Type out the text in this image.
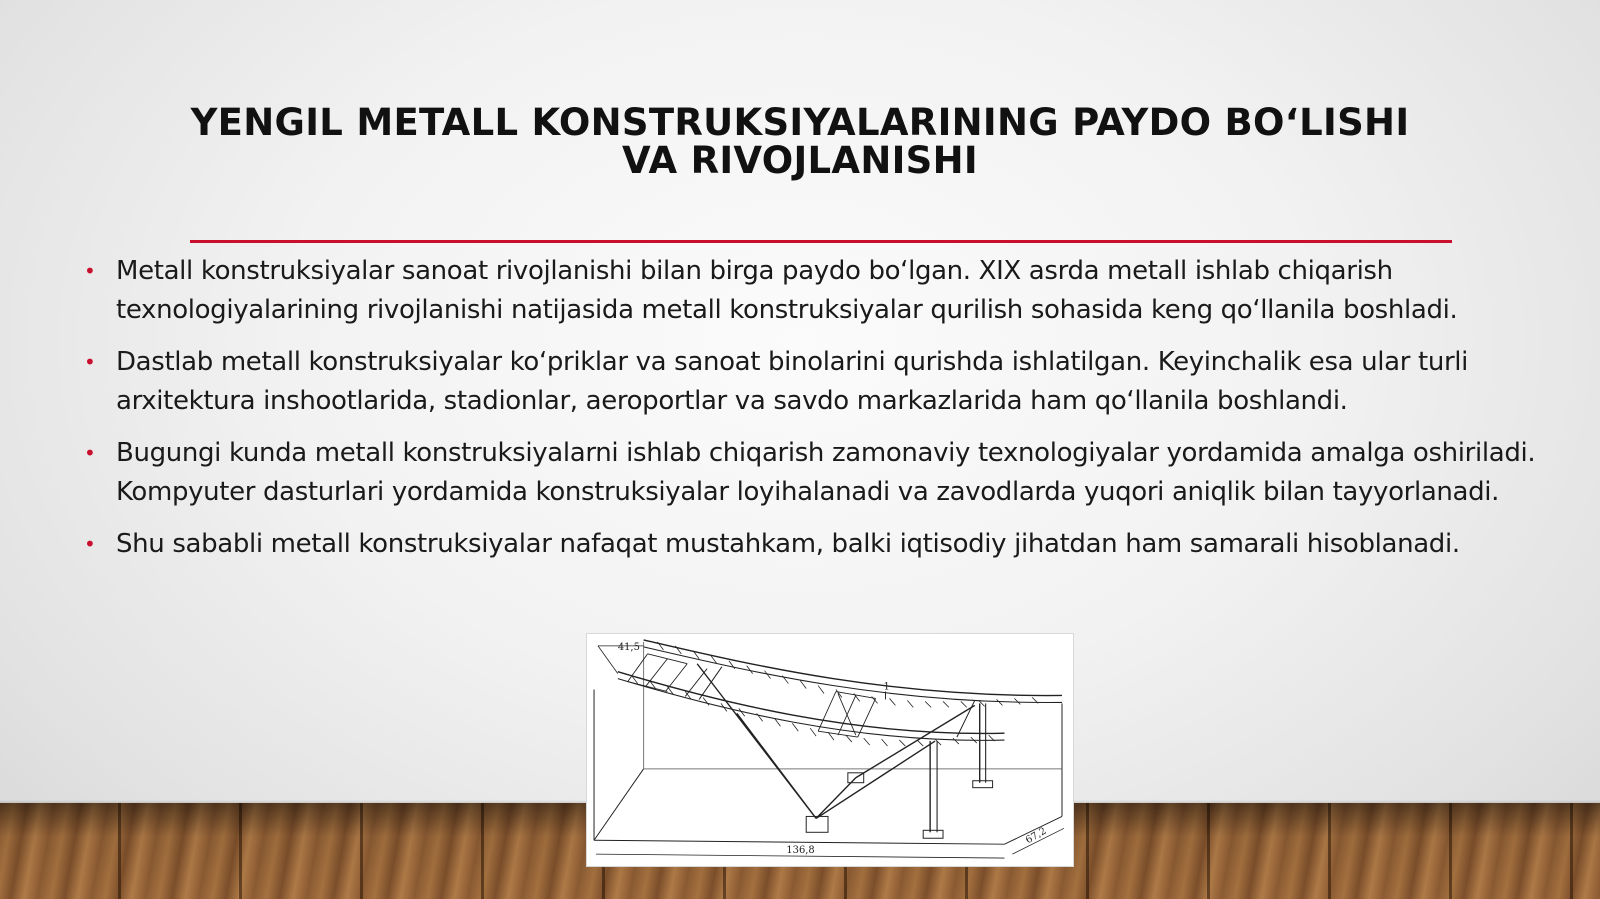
YENGIL METALL KONSTRUKSIYALARINING PAYDO BO‘LISHI VA RIVOJLANISHI
• Metall konstruksiyalar sanoat rivojlanishi bilan birga paydo bo‘lgan. XIX asrda metall ishlab chiqarish texnologiyalarining rivojlanishi natijasida metall konstruksiyalar qurilish sohasida keng qo‘llanila boshladi.
• Dastlab metall konstruksiyalar ko‘priklar va sanoat binolarini qurishda ishlatilgan. Keyinchalik esa ular turli arxitektura inshootlarida, stadionlar, aeroportlar va savdo markazlarida ham qo‘llanila boshlandi.
• Bugungi kunda metall konstruksiyalarni ishlab chiqarish zamonaviy texnologiyalar yordamida amalga oshiriladi. Kompyuter dasturlari yordamida konstruksiyalar loyihalanadi va zavodlarda yuqori aniqlik bilan tayyorlanadi.
• Shu sababli metall konstruksiyalar nafaqat mustahkam, balki iqtisodiy jihatdan ham samarali hisoblanadi.
41,5
1
136,8
67,2
